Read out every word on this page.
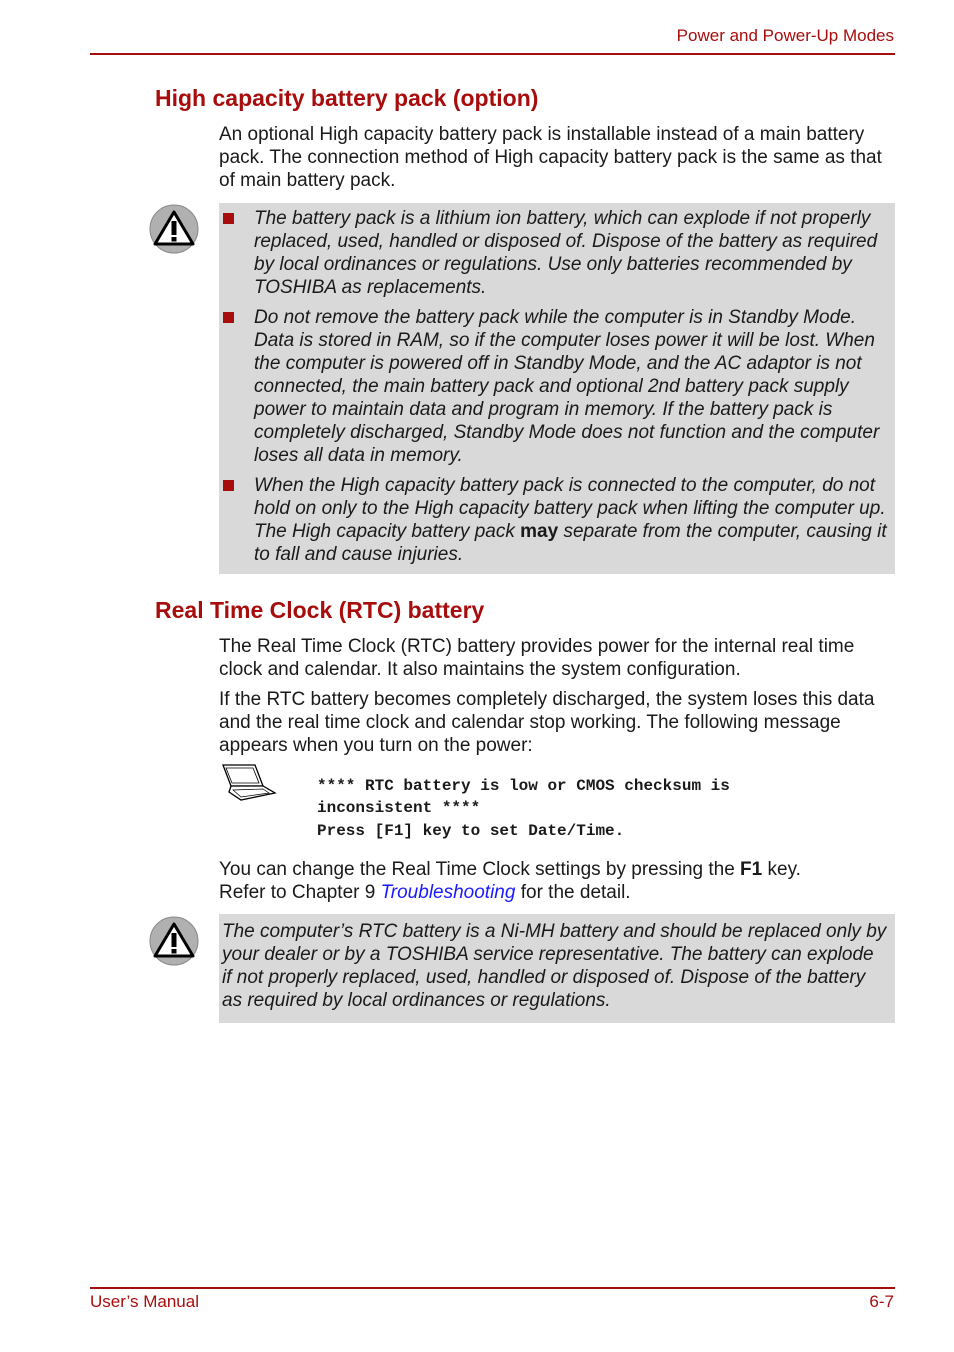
Power and Power-Up Modes
High capacity battery pack (option)
An optional High capacity battery pack is installable instead of a main battery pack. The connection method of High capacity battery pack is the same as that of main battery pack.
The battery pack is a lithium ion battery, which can explode if not properly replaced, used, handled or disposed of. Dispose of the battery as required by local ordinances or regulations. Use only batteries recommended by TOSHIBA as replacements.
Do not remove the battery pack while the computer is in Standby Mode. Data is stored in RAM, so if the computer loses power it will be lost. When the computer is powered off in Standby Mode, and the AC adaptor is not connected, the main battery pack and optional 2nd battery pack supply power to maintain data and program in memory. If the battery pack is completely discharged, Standby Mode does not function and the computer loses all data in memory.
When the High capacity battery pack is connected to the computer, do not hold on only to the High capacity battery pack when lifting the computer up. The High capacity battery pack may separate from the computer, causing it to fall and cause injuries.
Real Time Clock (RTC) battery
The Real Time Clock (RTC) battery provides power for the internal real time clock and calendar. It also maintains the system configuration.
If the RTC battery becomes completely discharged, the system loses this data and the real time clock and calendar stop working. The following message appears when you turn on the power:
**** RTC battery is low or CMOS checksum is
inconsistent ****
Press [F1] key to set Date/Time.
You can change the Real Time Clock settings by pressing the F1 key.
Refer to Chapter 9 Troubleshooting for the detail.
The computer’s RTC battery is a Ni-MH battery and should be replaced only by your dealer or by a TOSHIBA service representative. The battery can explode if not properly replaced, used, handled or disposed of. Dispose of the battery as required by local ordinances or regulations.
User’s Manual	6-7
